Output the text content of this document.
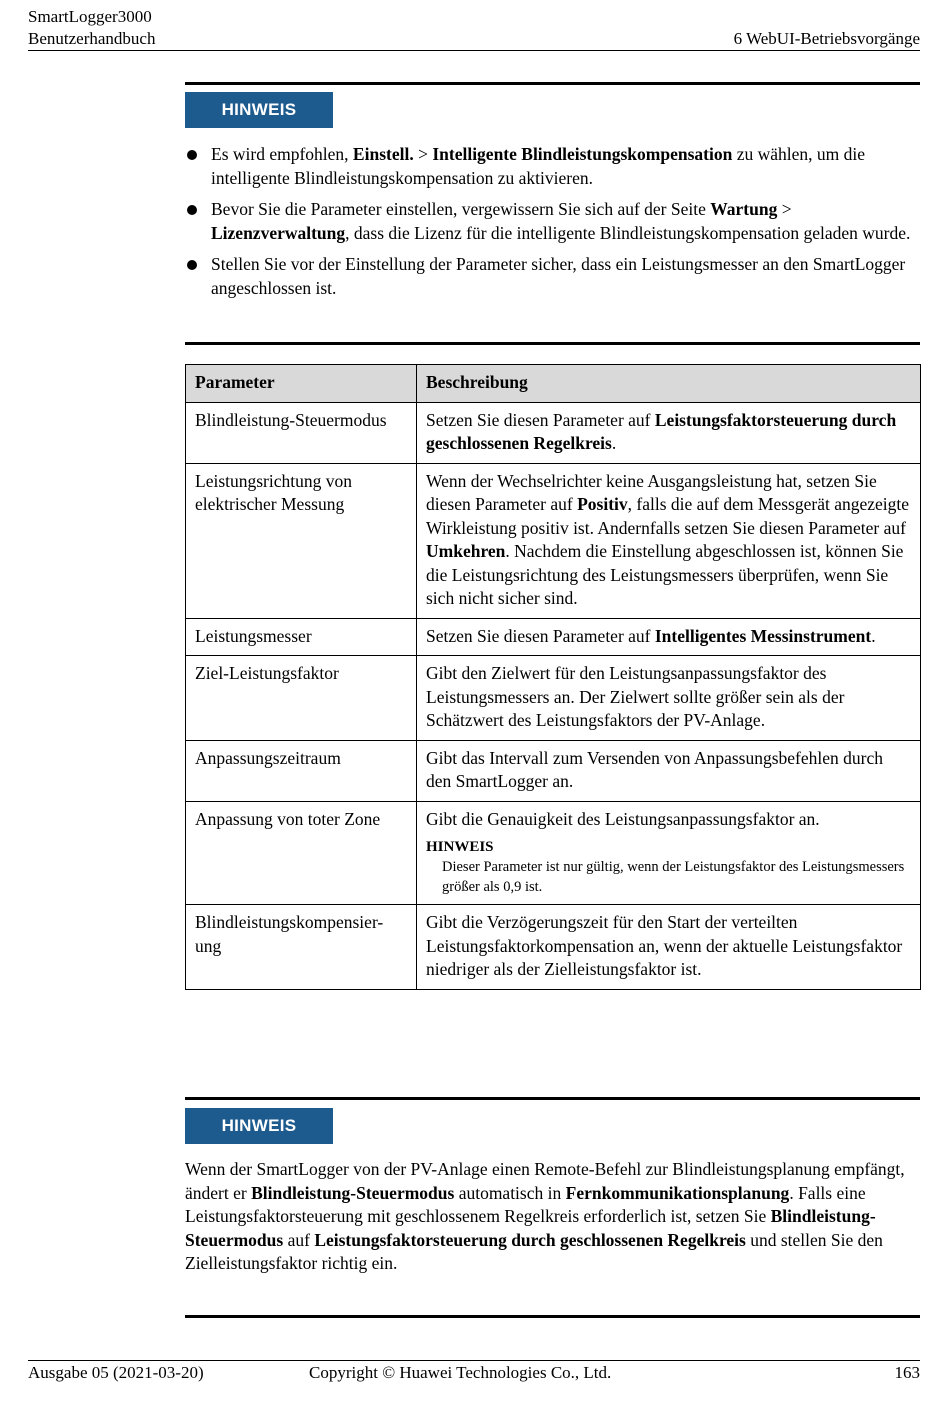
SmartLogger3000
Benutzerhandbuch	6 WebUI-Betriebsvorgänge
HINWEIS
Es wird empfohlen, Einstell. > Intelligente Blindleistungskompensation zu wählen, um die intelligente Blindleistungskompensation zu aktivieren.
Bevor Sie die Parameter einstellen, vergewissern Sie sich auf der Seite Wartung > Lizenzverwaltung, dass die Lizenz für die intelligente Blindleistungskompensation geladen wurde.
Stellen Sie vor der Einstellung der Parameter sicher, dass ein Leistungsmesser an den SmartLogger angeschlossen ist.
Parameter	Beschreibung
Blindleistung-Steuermodus	Setzen Sie diesen Parameter auf Leistungsfaktorsteuerung durch geschlossenen Regelkreis.
Leistungsrichtung von elektrischer Messung	Wenn der Wechselrichter keine Ausgangsleistung hat, setzen Sie diesen Parameter auf Positiv, falls die auf dem Messgerät angezeigte Wirkleistung positiv ist. Andernfalls setzen Sie diesen Parameter auf Umkehren. Nachdem die Einstellung abgeschlossen ist, können Sie die Leistungsrichtung des Leistungsmessers überprüfen, wenn Sie sich nicht sicher sind.
Leistungsmesser	Setzen Sie diesen Parameter auf Intelligentes Messinstrument.
Ziel-Leistungsfaktor	Gibt den Zielwert für den Leistungsanpassungsfaktor des Leistungsmessers an. Der Zielwert sollte größer sein als der Schätzwert des Leistungsfaktors der PV-Anlage.
Anpassungszeitraum	Gibt das Intervall zum Versenden von Anpassungsbefehlen durch den SmartLogger an.
Anpassung von toter Zone	Gibt die Genauigkeit des Leistungsanpassungsfaktor an.
HINWEIS
Dieser Parameter ist nur gültig, wenn der Leistungsfaktor des Leistungsmessers größer als 0,9 ist.

Blindleistungskompensier-ung	Gibt die Verzögerungszeit für den Start der verteilten Leistungsfaktorkompensation an, wenn der aktuelle Leistungsfaktor niedriger als der Zielleistungsfaktor ist.
HINWEIS
Wenn der SmartLogger von der PV-Anlage einen Remote-Befehl zur Blindleistungsplanung empfängt, ändert er Blindleistung-Steuermodus automatisch in Fernkommunikationsplanung. Falls eine Leistungsfaktorsteuerung mit geschlossenem Regelkreis erforderlich ist, setzen Sie Blindleistung-Steuermodus auf Leistungsfaktorsteuerung durch geschlossenen Regelkreis und stellen Sie den Zielleistungsfaktor richtig ein.
Ausgabe 05 (2021-03-20)	Copyright © Huawei Technologies Co., Ltd.	163
